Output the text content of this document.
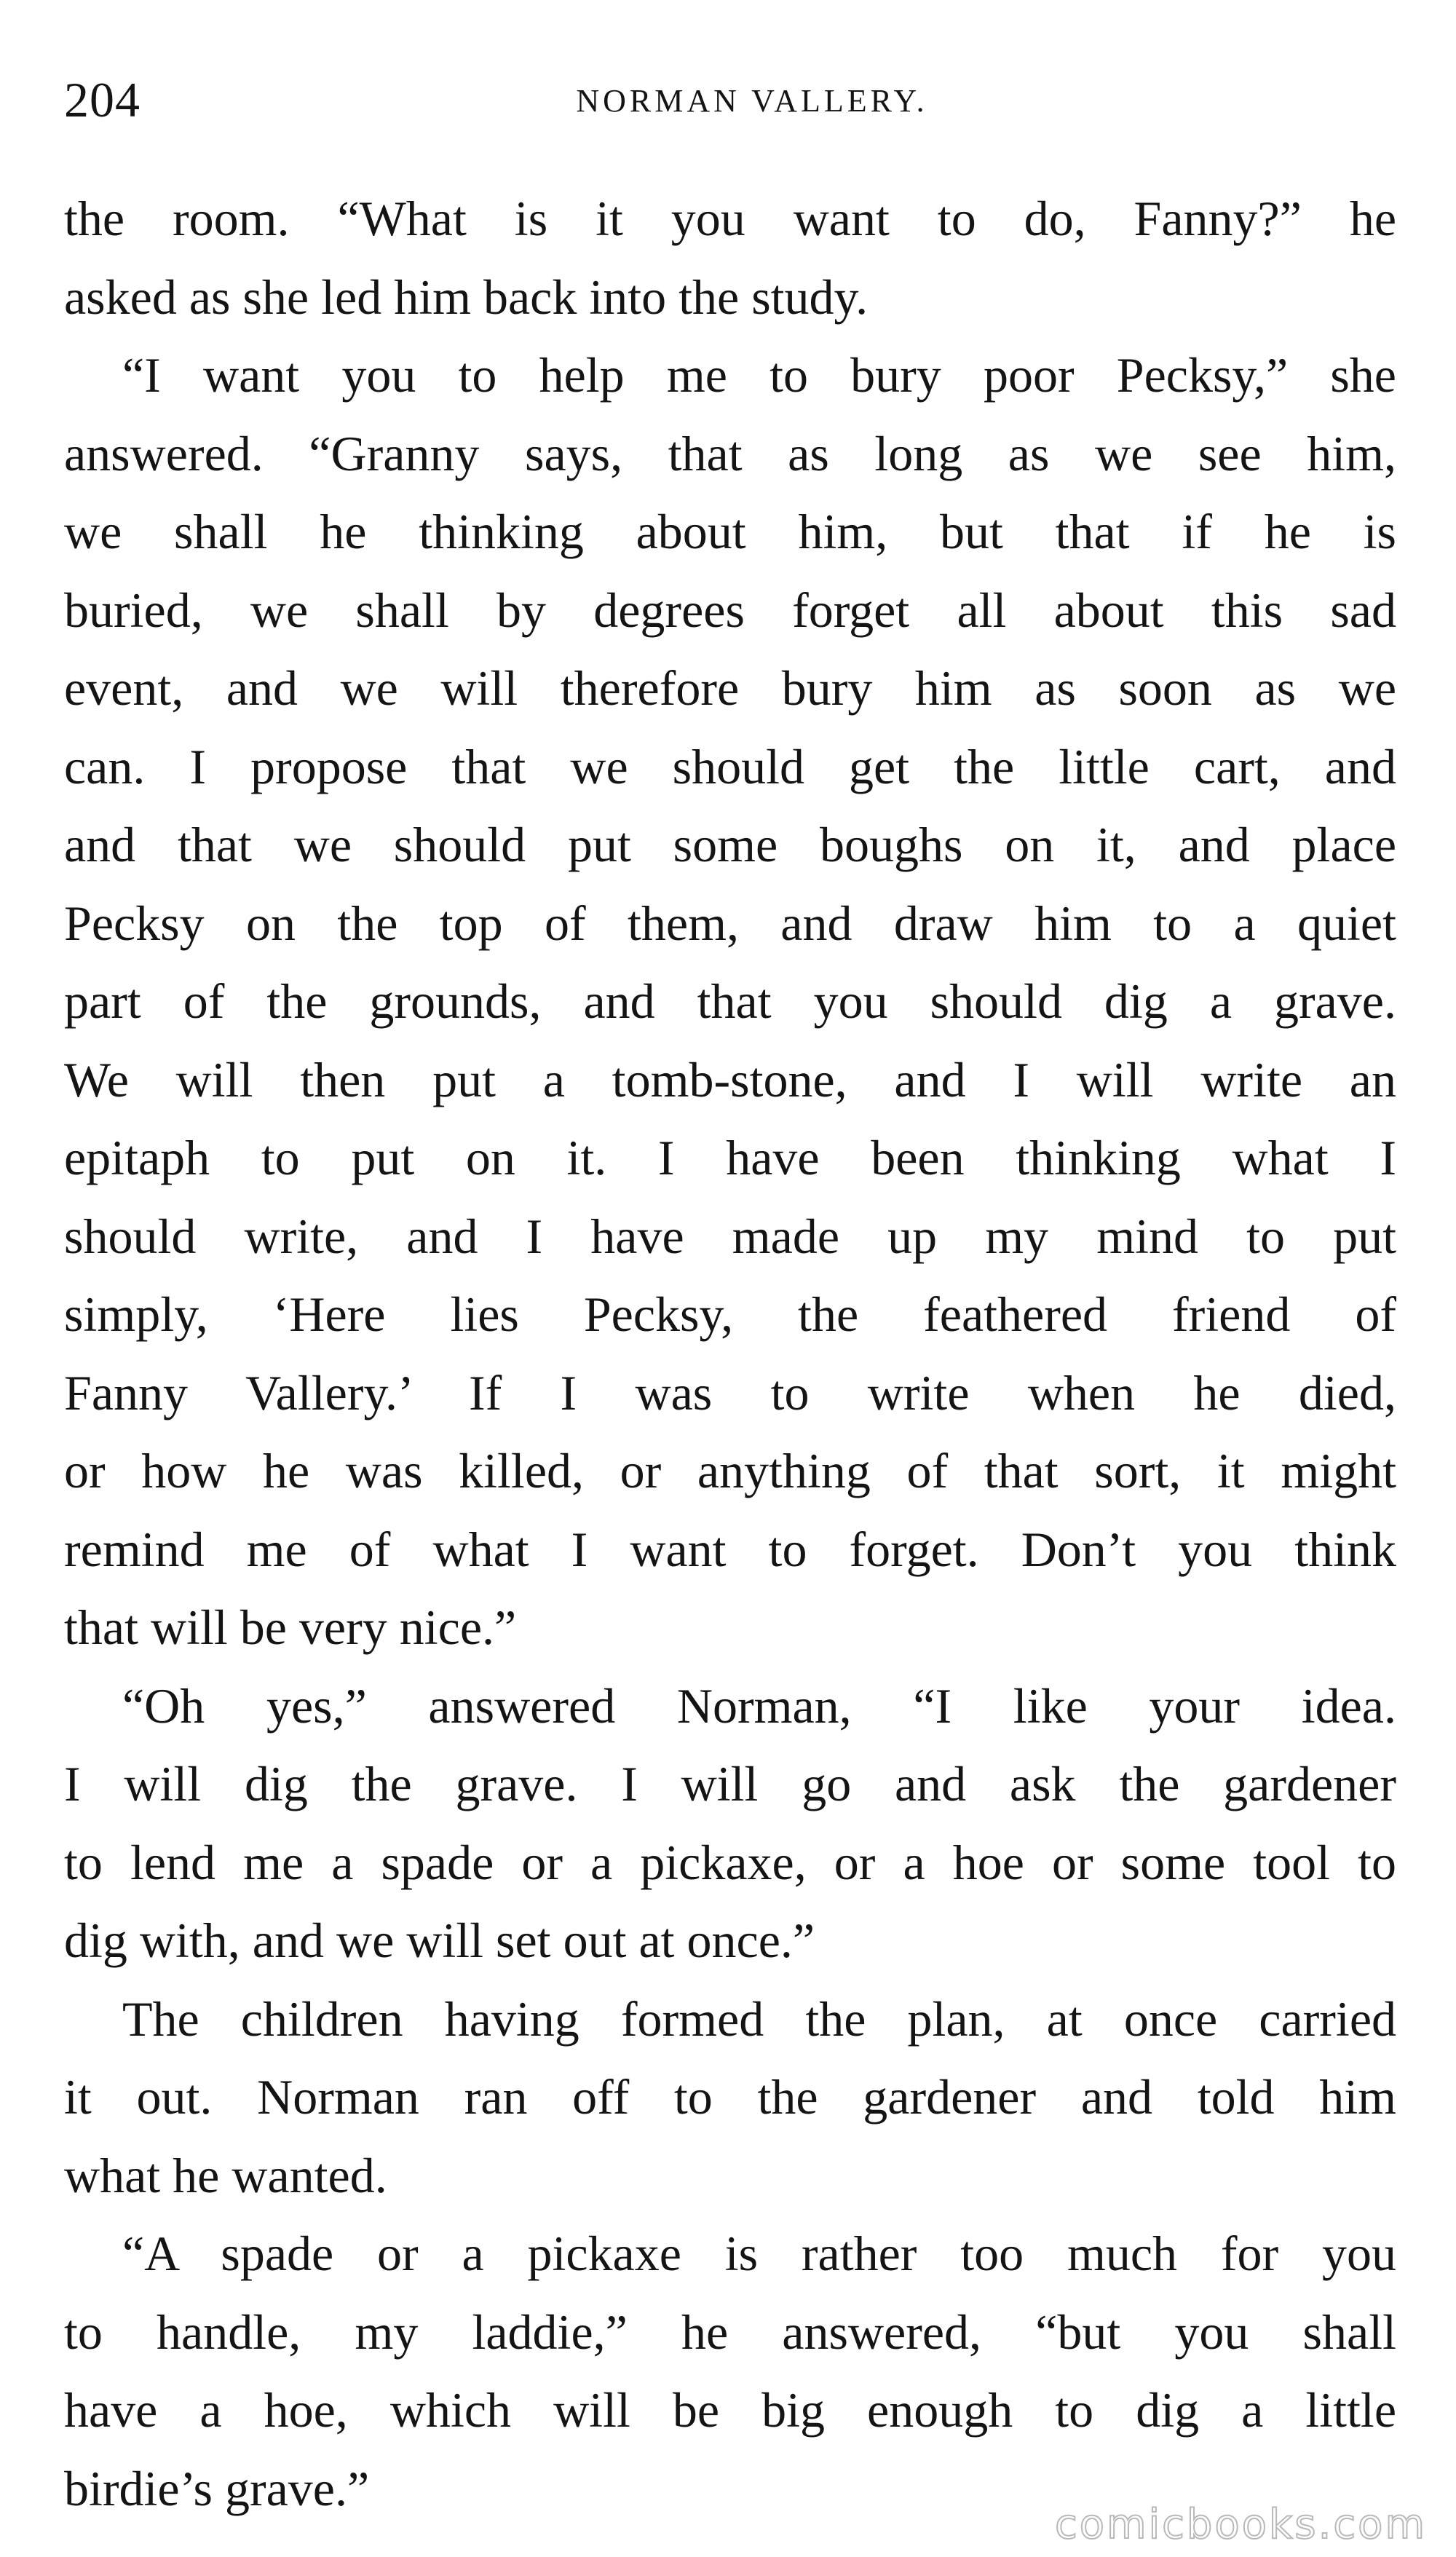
204	NORMAN VALLERY.
the room. “What is it you want to do, Fanny?” he
asked as she led him back into the study.
“I want you to help me to bury poor Pecksy,” she
answered. “Granny says, that as long as we see him,
we shall he thinking about him, but that if he is
buried, we shall by degrees forget all about this sad
event, and we will therefore bury him as soon as we
can. I propose that we should get the little cart, and
and that we should put some boughs on it, and place
Pecksy on the top of them, and draw him to a quiet
part of the grounds, and that you should dig a grave.
We will then put a tomb-stone, and I will write an
epitaph to put on it. I have been thinking what I
should write, and I have made up my mind to put
simply, ‘Here lies Pecksy, the feathered friend of
Fanny Vallery.’ If I was to write when he died,
or how he was killed, or anything of that sort, it might
remind me of what I want to forget. Don’t you think
that will be very nice.”
“Oh yes,” answered Norman, “I like your idea.
I will dig the grave. I will go and ask the gardener
to lend me a spade or a pickaxe, or a hoe or some tool to
dig with, and we will set out at once.”
The children having formed the plan, at once carried
it out. Norman ran off to the gardener and told him
what he wanted.
“A spade or a pickaxe is rather too much for you
to handle, my laddie,” he answered, “but you shall
have a hoe, which will be big enough to dig a little
birdie’s grave.”
comicbooks.com
